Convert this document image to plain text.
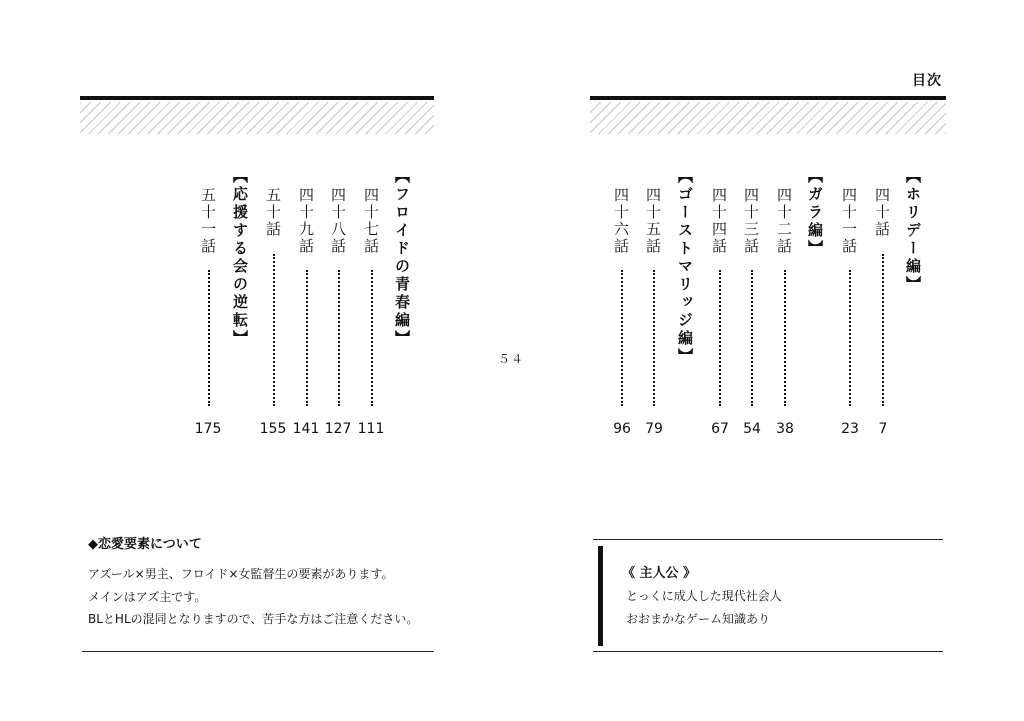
目次
【ホリデー編】
四十話
7
四十一話
23
【ガラ編】
四十二話
38
四十三話
54
四十四話
67
【ゴーストマリッジ編】
四十五話
79
四十六話
96
５４
【フロイドの青春編】
四十七話
111
四十八話
127
四十九話
141
五十話
155
【応援する会の逆転】
五十一話
175
◆恋愛要素について
アズール×男主、フロイド×女監督生の要素があります。
メインはアズ主です。
BLとHLの混同となりますので、苦手な方はご注意ください。
《 主人公 》
とっくに成人した現代社会人
おおまかなゲーム知識あり
